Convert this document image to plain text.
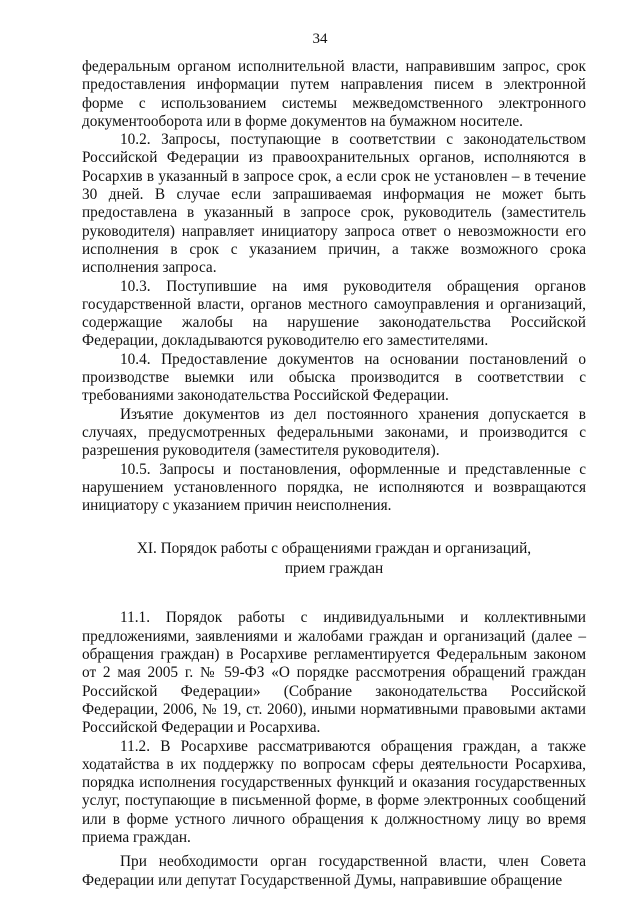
34

федеральным органом исполнительной власти, направившим запрос, срок предоставления информации путем направления писем в электронной форме с использованием системы межведомственного электронного документооборота или в форме документов на бумажном носителе.

10.2. Запросы, поступающие в соответствии с законодательством Российской Федерации из правоохранительных органов, исполняются в Росархив в указанный в запросе срок, а если срок не установлен – в течение 30 дней. В случае если запрашиваемая информация не может быть предоставлена в указанный в запросе срок, руководитель (заместитель руководителя) направляет инициатору запроса ответ о невозможности его исполнения в срок с указанием причин, а также возможного срока исполнения запроса.

10.3. Поступившие на имя руководителя обращения органов государственной власти, органов местного самоуправления и организаций, содержащие жалобы на нарушение законодательства Российской Федерации, докладываются руководителю его заместителями.

10.4. Предоставление документов на основании постановлений о производстве выемки или обыска производится в соответствии с требованиями законодательства Российской Федерации.

Изъятие документов из дел постоянного хранения допускается в случаях, предусмотренных федеральными законами, и производится с разрешения руководителя (заместителя руководителя).

10.5. Запросы и постановления, оформленные и представленные с нарушением установленного порядка, не исполняются и возвращаются инициатору с указанием причин неисполнения.

XI. Порядок работы с обращениями граждан и организаций,
прием граждан

11.1. Порядок работы с индивидуальными и коллективными предложениями, заявлениями и жалобами граждан и организаций (далее – обращения граждан) в Росархиве регламентируется Федеральным законом от 2 мая 2005 г. № 59-ФЗ «О порядке рассмотрения обращений граждан Российской Федерации» (Собрание законодательства Российской Федерации, 2006, № 19, ст. 2060), иными нормативными правовыми актами Российской Федерации и Росархива.

11.2. В Росархиве рассматриваются обращения граждан, а также ходатайства в их поддержку по вопросам сферы деятельности Росархива, порядка исполнения государственных функций и оказания государственных услуг, поступающие в письменной форме, в форме электронных сообщений или в форме устного личного обращения к должностному лицу во время приема граждан.

При необходимости орган государственной власти, член Совета Федерации или депутат Государственной Думы, направившие обращение
